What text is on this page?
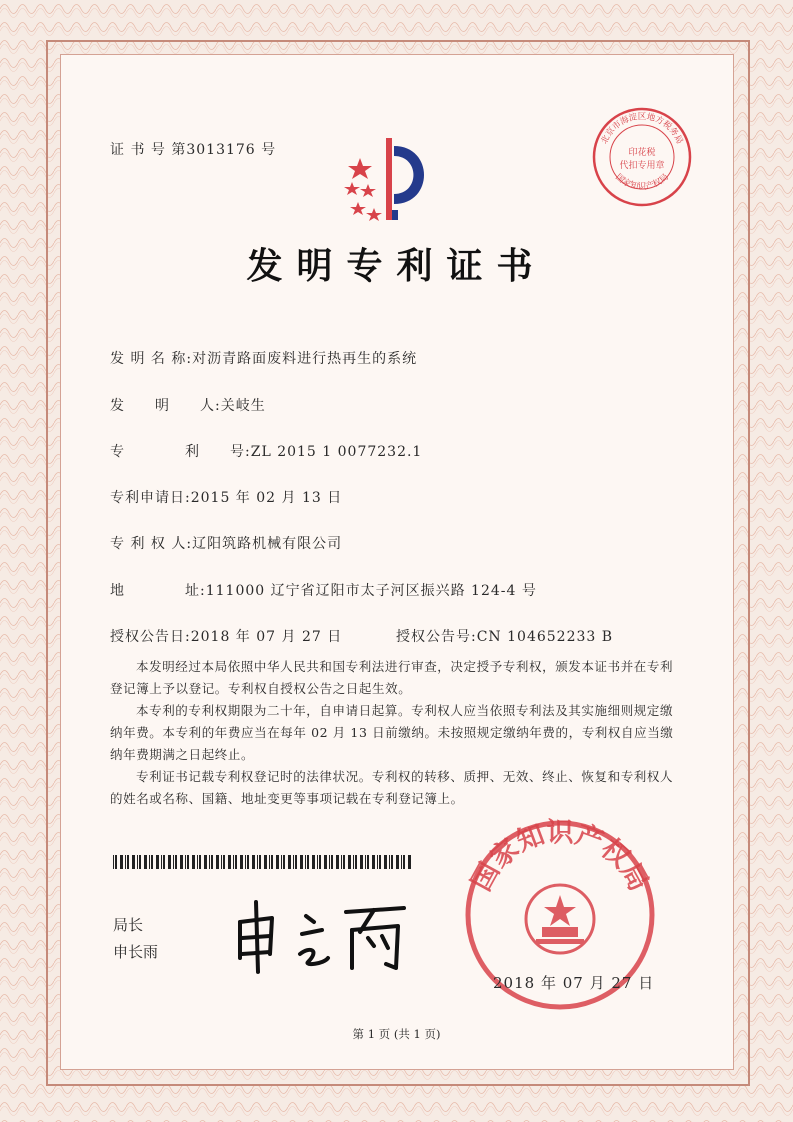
证 书 号 第3013176 号
北京市海淀区地方税务局
国家知识产权局
印花税
代扣专用章
发明专利证书
发 明 名 称:对沥青路面废料进行热再生的系统
发　　明　　人:关岐生
专　　　　利　　号:ZL 2015 1 0077232.1
专利申请日:2015 年 02 月 13 日
专 利 权 人:辽阳筑路机械有限公司
地　　　　址:111000 辽宁省辽阳市太子河区振兴路 124-4 号
授权公告日:2018 年 07 月 27 日	授权公告号:CN 104652233 B

本发明经过本局依照中华人民共和国专利法进行审查，决定授予专利权，颁发本证书并在专利登记簿上予以登记。专利权自授权公告之日起生效。

本专利的专利权期限为二十年，自申请日起算。专利权人应当依照专利法及其实施细则规定缴纳年费。本专利的年费应当在每年 02 月 13 日前缴纳。未按照规定缴纳年费的，专利权自应当缴纳年费期满之日起终止。

专利证书记载专利权登记时的法律状况。专利权的转移、质押、无效、终止、恢复和专利权人的姓名或名称、国籍、地址变更等事项记载在专利登记簿上。

局长
申长雨
国家知识产权局
2018 年 07 月 27 日
第 1 页 (共 1 页)
